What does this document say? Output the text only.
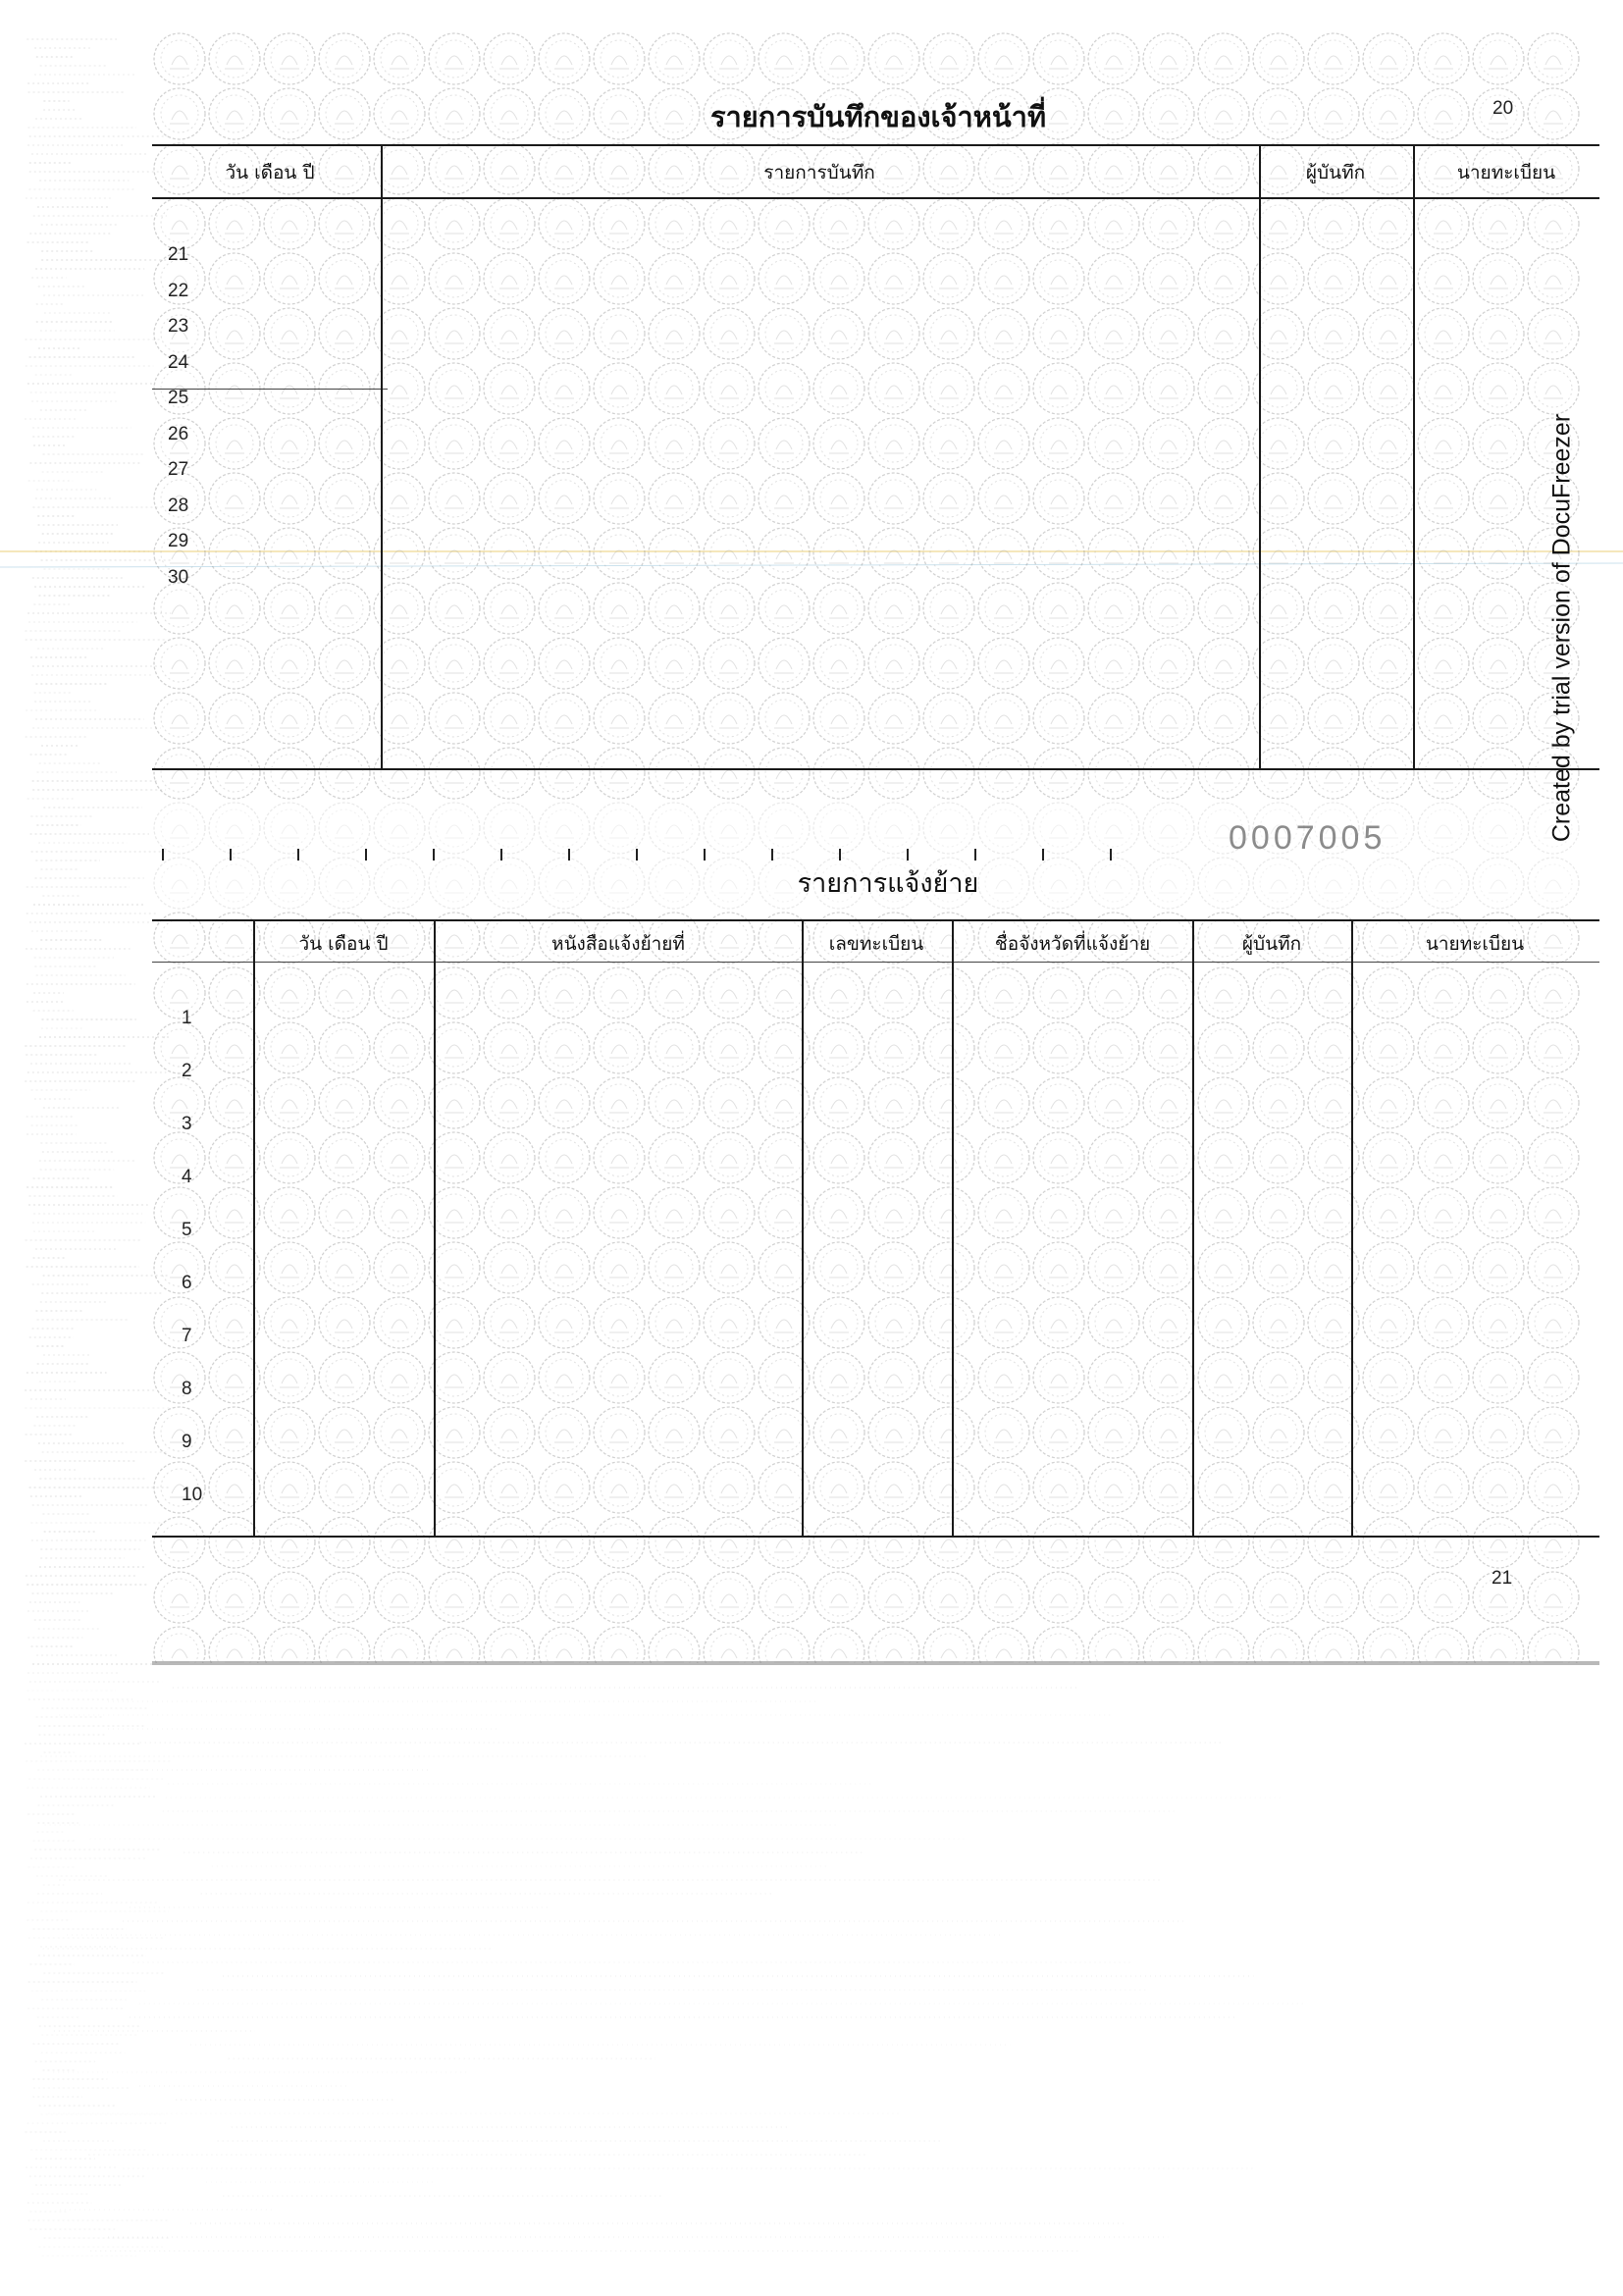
20
รายการบันทึกของเจ้าหน้าที่
วัน เดือน ปี	รายการบันทึก	ผู้บันทึก	นายทะเบียน
21
22
23
24
25
26
27
28
29
30
0007005
รายการแจ้งย้าย
วัน เดือน ปี	หนังสือแจ้งย้ายที่	เลขทะเบียน	ชื่อจังหวัดที่แจ้งย้าย	ผู้บันทึก	นายทะเบียน
1
2
3
4
5
6
7
8
9
10
21
Created by trial version of DocuFreezer
